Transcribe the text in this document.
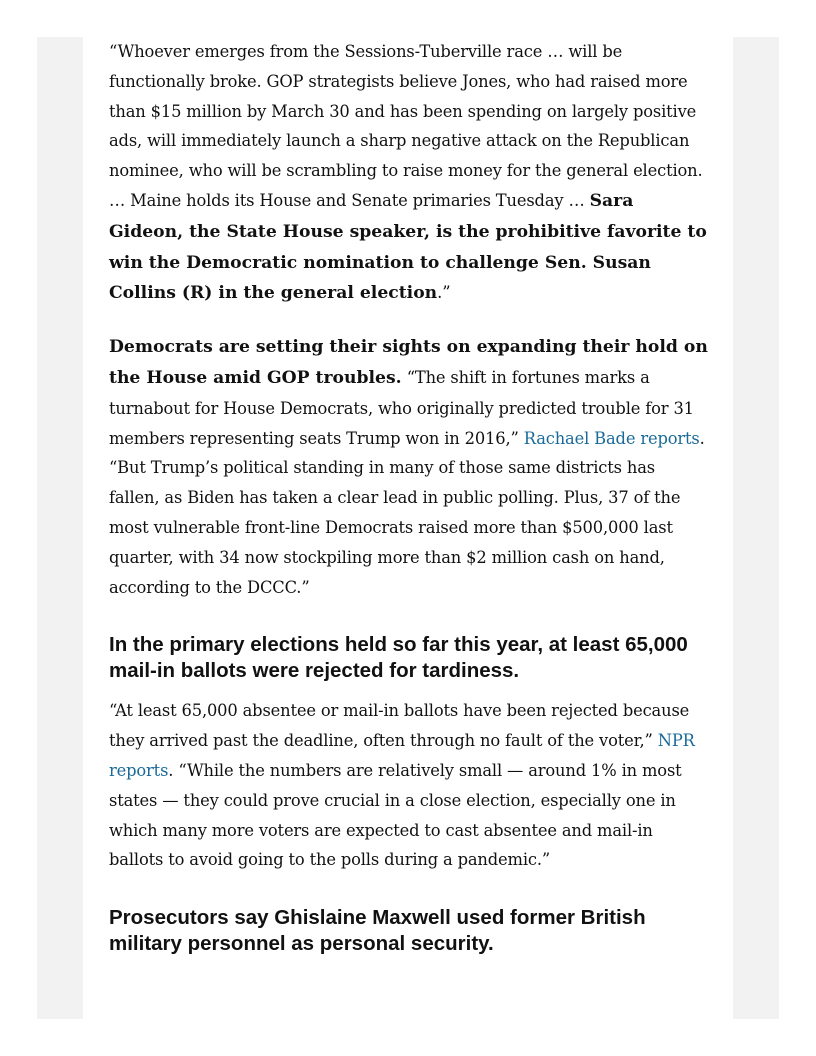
“Whoever emerges from the Sessions-Tuberville race … will be functionally broke. GOP strategists believe Jones, who had raised more than $15 million by March 30 and has been spending on largely positive ads, will immediately launch a sharp negative attack on the Republican nominee, who will be scrambling to raise money for the general election. … Maine holds its House and Senate primaries Tuesday … Sara Gideon, the State House speaker, is the prohibitive favorite to win the Democratic nomination to challenge Sen. Susan Collins (R) in the general election.”

Democrats are setting their sights on expanding their hold on the House amid GOP troubles. “The shift in fortunes marks a turnabout for House Democrats, who originally predicted trouble for 31 members representing seats Trump won in 2016,” Rachael Bade reports. “But Trump’s political standing in many of those same districts has fallen, as Biden has taken a clear lead in public polling. Plus, 37 of the most vulnerable front-line Democrats raised more than $500,000 last quarter, with 34 now stockpiling more than $2 million cash on hand, according to the DCCC.”

In the primary elections held so far this year, at least 65,000 mail-in ballots were rejected for tardiness.

“At least 65,000 absentee or mail-in ballots have been rejected because they arrived past the deadline, often through no fault of the voter,” NPR reports. “While the numbers are relatively small — around 1% in most states — they could prove crucial in a close election, especially one in which many more voters are expected to cast absentee and mail-in ballots to avoid going to the polls during a pandemic.”

Prosecutors say Ghislaine Maxwell used former British military personnel as personal security.
